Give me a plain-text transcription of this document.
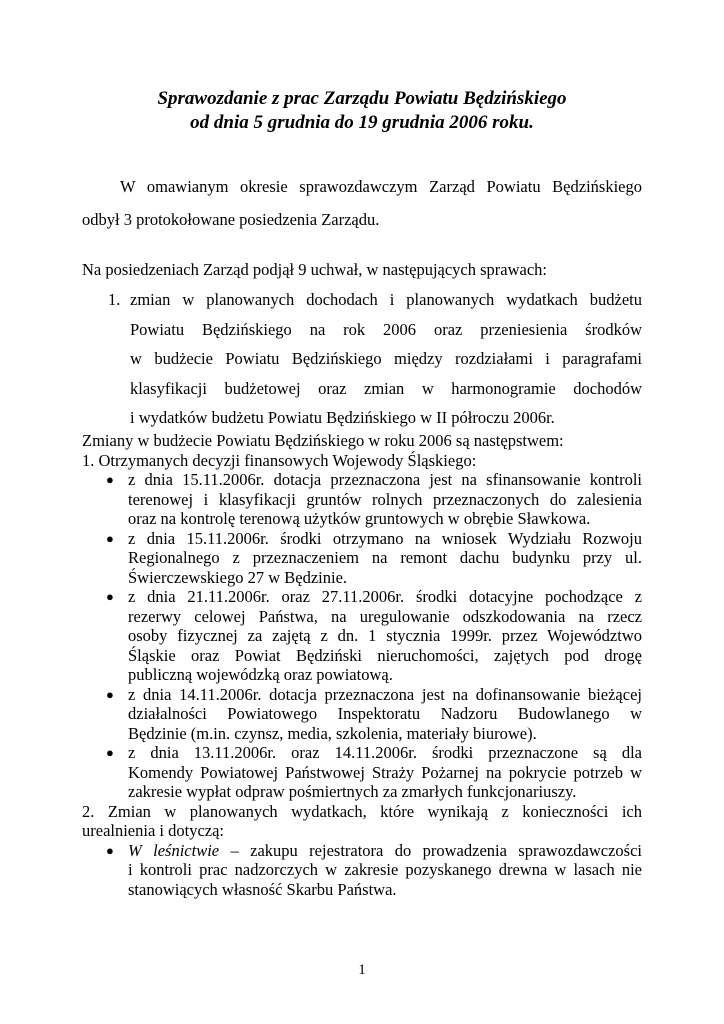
Sprawozdanie z prac Zarządu Powiatu Będzińskiego
od dnia 5 grudnia do 19 grudnia 2006 roku.

W omawianym okresie sprawozdawczym Zarząd Powiatu Będzińskiego

odbył 3 protokołowane posiedzenia Zarządu.

Na posiedzeniach Zarząd podjął 9 uchwał, w następujących sprawach:
1. zmian w planowanych dochodach i planowanych wydatkach budżetu
Powiatu Będzińskiego na rok 2006 oraz przeniesienia środków
w budżecie Powiatu Będzińskiego między rozdziałami i paragrafami
klasyfikacji budżetowej oraz zmian w harmonogramie dochodów
i wydatków budżetu Powiatu Będzińskiego w II półroczu 2006r.
Zmiany w budżecie Powiatu Będzińskiego w roku 2006 są następstwem:
1. Otrzymanych decyzji finansowych Wojewody Śląskiego:
● z dnia 15.11.2006r. dotacja przeznaczona jest na sfinansowanie kontroli
terenowej i klasyfikacji gruntów rolnych przeznaczonych do zalesienia
oraz na kontrolę terenową użytków gruntowych w obrębie Sławkowa.
● z dnia 15.11.2006r. środki otrzymano na wniosek Wydziału Rozwoju
Regionalnego z przeznaczeniem na remont dachu budynku przy ul.
Świerczewskiego 27 w Będzinie.
● z dnia 21.11.2006r. oraz 27.11.2006r. środki dotacyjne pochodzące z
rezerwy celowej Państwa, na uregulowanie odszkodowania na rzecz
osoby fizycznej za zajętą z dn. 1 stycznia 1999r. przez Województwo
Śląskie oraz Powiat Będziński nieruchomości, zajętych pod drogę
publiczną wojewódzką oraz powiatową.
● z dnia 14.11.2006r. dotacja przeznaczona jest na dofinansowanie bieżącej
działalności Powiatowego Inspektoratu Nadzoru Budowlanego w
Będzinie (m.in. czynsz, media, szkolenia, materiały biurowe).
● z dnia 13.11.2006r. oraz 14.11.2006r. środki przeznaczone są dla
Komendy Powiatowej Państwowej Straży Pożarnej na pokrycie potrzeb w
zakresie wypłat odpraw pośmiertnych za zmarłych funkcjonariuszy.
2. Zmian w planowanych wydatkach, które wynikają z konieczności ich
urealnienia i dotyczą:
● W leśnictwie – zakupu rejestratora do prowadzenia sprawozdawczości
i kontroli prac nadzorczych w zakresie pozyskanego drewna w lasach nie
stanowiących własność Skarbu Państwa.
1
